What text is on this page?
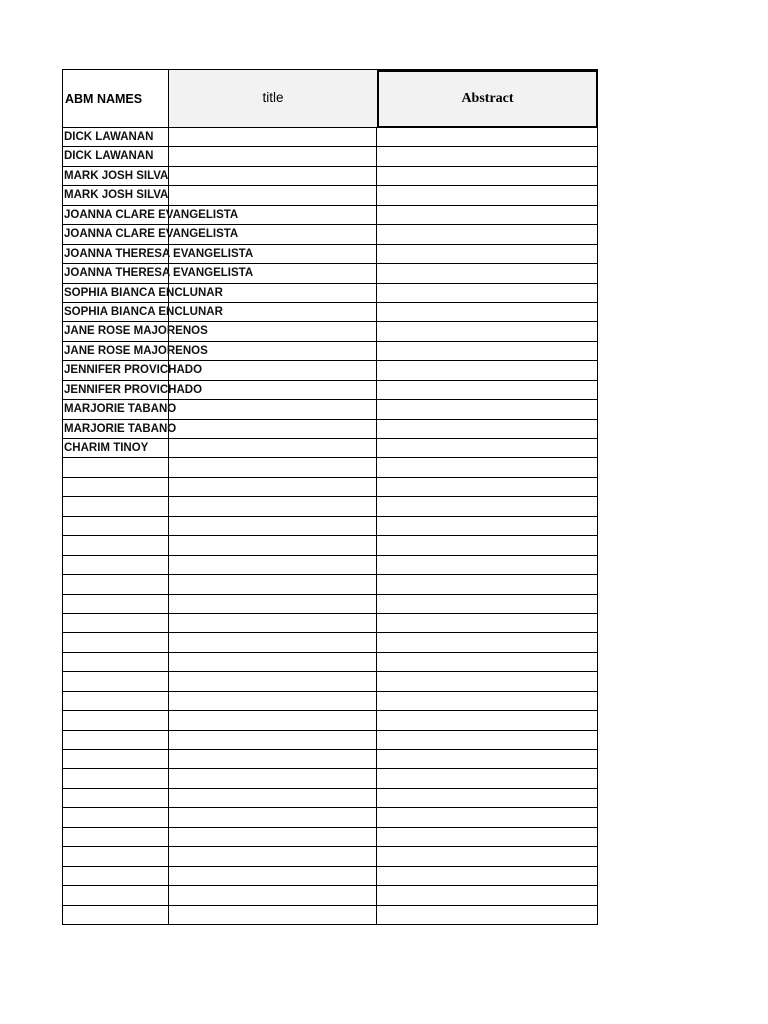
ABM NAMES	title	Abstract
DICK LAWANAN
DICK LAWANAN
MARK JOSH SILVA
MARK JOSH SILVA
JOANNA CLARE EVANGELISTA
JOANNA CLARE EVANGELISTA
JOANNA THERESA EVANGELISTA
JOANNA THERESA EVANGELISTA
SOPHIA BIANCA ENCLUNAR
SOPHIA BIANCA ENCLUNAR
JANE ROSE MAJORENOS
JANE ROSE MAJORENOS
JENNIFER PROVICHADO
JENNIFER PROVICHADO
MARJORIE TABANO
MARJORIE TABANO
CHARIM TINOY
